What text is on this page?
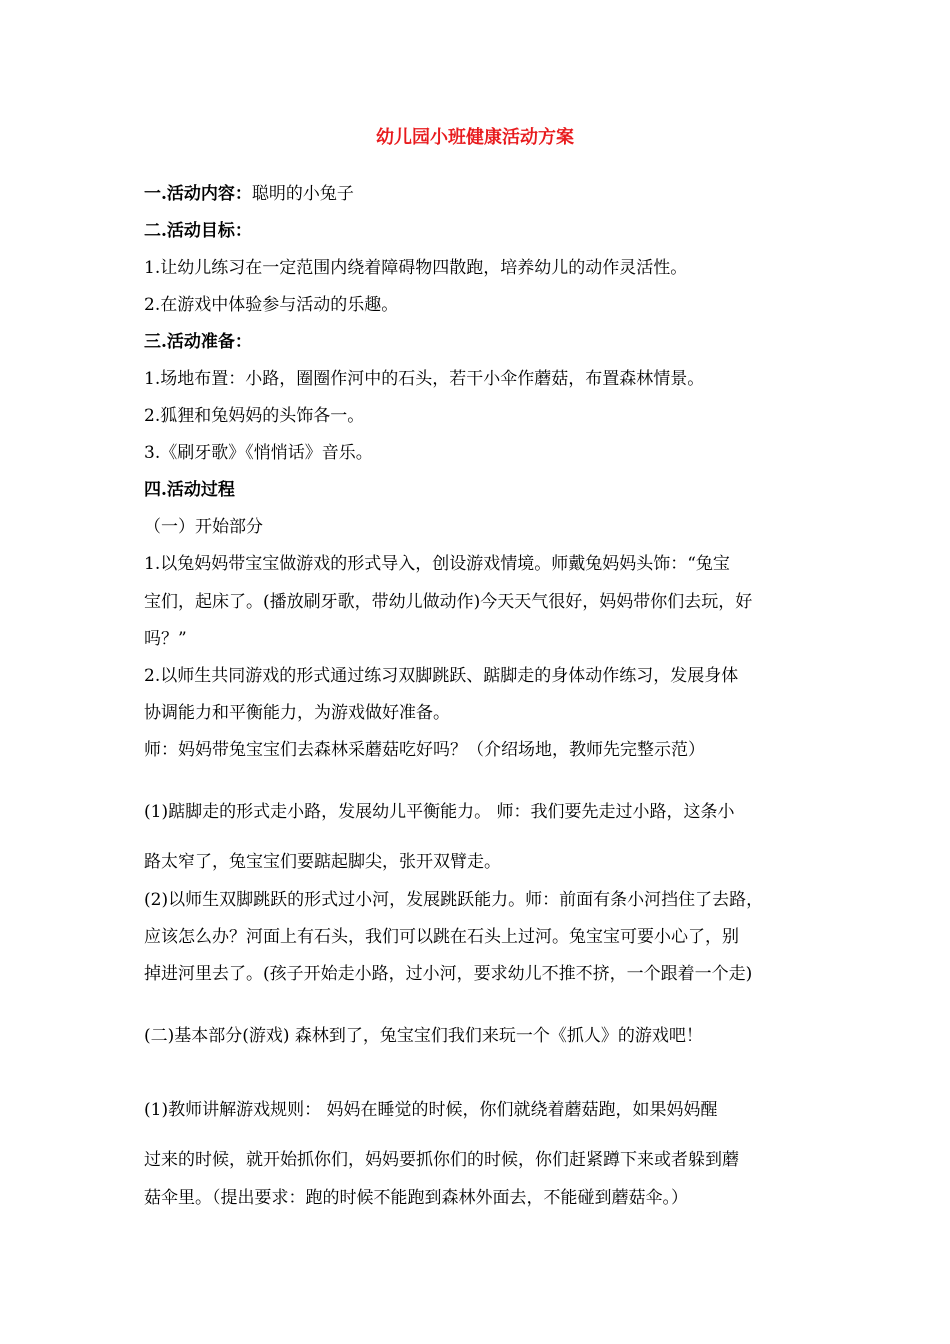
幼儿园小班健康活动方案
一.活动内容：聪明的小兔子
二.活动目标：
1.让幼儿练习在一定范围内绕着障碍物四散跑，培养幼儿的动作灵活性。
2.在游戏中体验参与活动的乐趣。
三.活动准备：
1.场地布置：小路，圈圈作河中的石头，若干小伞作蘑菇，布置森林情景。
2.狐狸和兔妈妈的头饰各一。
3.《刷牙歌》《悄悄话》音乐。
四.活动过程
（一）开始部分
1.以兔妈妈带宝宝做游戏的形式导入，创设游戏情境。师戴兔妈妈头饰：“兔宝
宝们，起床了。(播放刷牙歌，带幼儿做动作)今天天气很好，妈妈带你们去玩，好
吗？”
2.以师生共同游戏的形式通过练习双脚跳跃、踮脚走的身体动作练习，发展身体
协调能力和平衡能力，为游戏做好准备。
师：妈妈带兔宝宝们去森林采蘑菇吃好吗？（介绍场地，教师先完整示范）
(1)踮脚走的形式走小路，发展幼儿平衡能力。 师：我们要先走过小路，这条小
路太窄了，兔宝宝们要踮起脚尖，张开双臂走。
(2)以师生双脚跳跃的形式过小河，发展跳跃能力。师：前面有条小河挡住了去路，
应该怎么办？河面上有石头，我们可以跳在石头上过河。兔宝宝可要小心了，别
掉进河里去了。(孩子开始走小路，过小河，要求幼儿不推不挤，一个跟着一个走)
(二)基本部分(游戏) 森林到了，兔宝宝们我们来玩一个《抓人》的游戏吧！
(1)教师讲解游戏规则： 妈妈在睡觉的时候，你们就绕着蘑菇跑，如果妈妈醒
过来的时候，就开始抓你们，妈妈要抓你们的时候，你们赶紧蹲下来或者躲到蘑
菇伞里。（提出要求：跑的时候不能跑到森林外面去，不能碰到蘑菇伞。）
